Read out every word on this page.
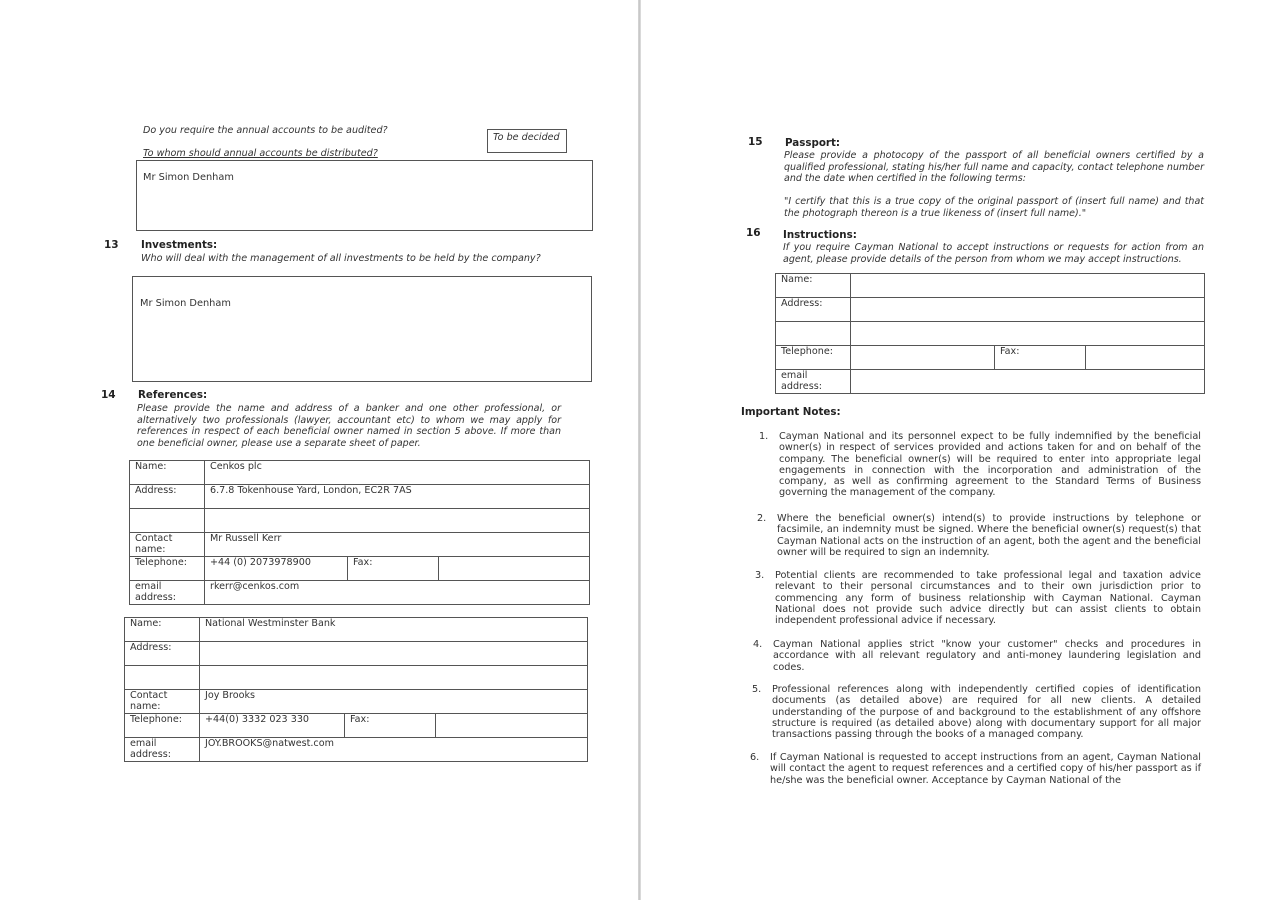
Do you require the annual accounts to be audited?
To be decided
To whom should annual accounts be distributed?
Mr Simon Denham
13 Investments:
Who will deal with the management of all investments to be held by the company?
Mr Simon Denham
14 References:
Please provide the name and address of a banker and one other professional, or alternatively two professionals (lawyer, accountant etc) to whom we may apply for references in respect of each beneficial owner named in section 5 above. If more than one beneficial owner, please use a separate sheet of paper.
Name:	Cenkos plc		
Address:	6.7.8 Tokenhouse Yard, London, EC2R 7AS		

Contact name:	Mr Russell Kerr		
Telephone:	+44 (0) 2073978900	Fax:	
email address:	rkerr@cenkos.com		
Name:	National Westminster Bank		
Address:			

Contact name:	Joy Brooks		
Telephone:	+44(0) 3332 023 330	Fax:	
email address:	JOY.BROOKS@natwest.com		
15 Passport:
Please provide a photocopy of the passport of all beneficial owners certified by a qualified professional, stating his/her full name and capacity, contact telephone number and the date when certified in the following terms:
"I certify that this is a true copy of the original passport of (insert full name) and that the photograph thereon is a true likeness of (insert full name)."
16 Instructions:
If you require Cayman National to accept instructions or requests for action from an agent, please provide details of the person from whom we may accept instructions.
Name:			
Address:			

Telephone:		Fax:	
email address:			
Important Notes:
1. Cayman National and its personnel expect to be fully indemnified by the beneficial owner(s) in respect of services provided and actions taken for and on behalf of the company. The beneficial owner(s) will be required to enter into appropriate legal engagements in connection with the incorporation and administration of the company, as well as confirming agreement to the Standard Terms of Business governing the management of the company.
2. Where the beneficial owner(s) intend(s) to provide instructions by telephone or facsimile, an indemnity must be signed. Where the beneficial owner(s) request(s) that Cayman National acts on the instruction of an agent, both the agent and the beneficial owner will be required to sign an indemnity.
3. Potential clients are recommended to take professional legal and taxation advice relevant to their personal circumstances and to their own jurisdiction prior to commencing any form of business relationship with Cayman National. Cayman National does not provide such advice directly but can assist clients to obtain independent professional advice if necessary.
4. Cayman National applies strict "know your customer" checks and procedures in accordance with all relevant regulatory and anti-money laundering legislation and codes.
5. Professional references along with independently certified copies of identification documents (as detailed above) are required for all new clients. A detailed understanding of the purpose of and background to the establishment of any offshore structure is required (as detailed above) along with documentary support for all major transactions passing through the books of a managed company.
6. If Cayman National is requested to accept instructions from an agent, Cayman National will contact the agent to request references and a certified copy of his/her passport as if he/she was the beneficial owner. Acceptance by Cayman National of the
